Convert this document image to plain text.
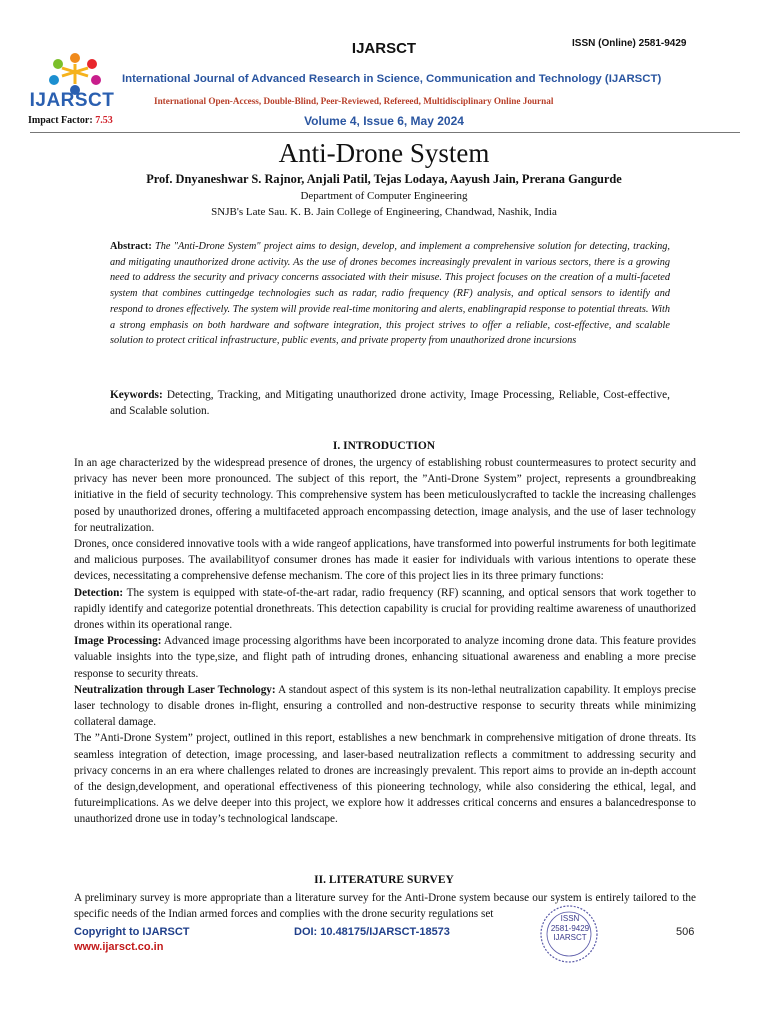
IJARSCT
Impact Factor: 7.53
IJARSCT	ISSN (Online) 2581-9429
International Journal of Advanced Research in Science, Communication and Technology (IJARSCT)
International Open-Access, Double-Blind, Peer-Reviewed, Refereed, Multidisciplinary Online Journal
Volume 4, Issue 6, May 2024
Anti-Drone System
Prof. Dnyaneshwar S. Rajnor, Anjali Patil, Tejas Lodaya, Aayush Jain, Prerana Gangurde
Department of Computer Engineering
SNJB's Late Sau. K. B. Jain College of Engineering, Chandwad, Nashik, India
Abstract: The "Anti-Drone System" project aims to design, develop, and implement a comprehensive solution for detecting, tracking, and mitigating unauthorized drone activity. As the use of drones becomes increasingly prevalent in various sectors, there is a growing need to address the security and privacy concerns associated with their misuse. This project focuses on the creation of a multi-faceted system that combines cuttingedge technologies such as radar, radio frequency (RF) analysis, and optical sensors to identify and respond to drones effectively. The system will provide real-time monitoring and alerts, enablingrapid response to potential threats. With a strong emphasis on both hardware and software integration, this project strives to offer a reliable, cost-effective, and scalable solution to protect critical infrastructure, public events, and private property from unauthorized drone incursions
Keywords: Detecting, Tracking, and Mitigating unauthorized drone activity, Image Processing, Reliable, Cost-effective, and Scalable solution.
I. INTRODUCTION

In an age characterized by the widespread presence of drones, the urgency of establishing robust countermeasures to protect security and privacy has never been more pronounced. The subject of this report, the ”Anti-Drone System” project, represents a groundbreaking initiative in the field of security technology. This comprehensive system has been meticulouslycrafted to tackle the increasing challenges posed by unauthorized drones, offering a multifaceted approach encompassing detection, image analysis, and the use of laser technology for neutralization.

Drones, once considered innovative tools with a wide rangeof applications, have transformed into powerful instruments for both legitimate and malicious purposes. The availabilityof consumer drones has made it easier for individuals with various intentions to operate these devices, necessitating a comprehensive defense mechanism. The core of this project lies in its three primary functions:

Detection: The system is equipped with state-of-the-art radar, radio frequency (RF) scanning, and optical sensors that work together to rapidly identify and categorize potential dronethreats. This detection capability is crucial for providing realtime awareness of unauthorized drones within its operational range.

Image Processing: Advanced image processing algorithms have been incorporated to analyze incoming drone data. This feature provides valuable insights into the type,size, and flight path of intruding drones, enhancing situational awareness and enabling a more precise response to security threats.

Neutralization through Laser Technology: A standout aspect of this system is its non-lethal neutralization capability. It employs precise laser technology to disable drones in-flight, ensuring a controlled and non-destructive response to security threats while minimizing collateral damage.

The ”Anti-Drone System” project, outlined in this report, establishes a new benchmark in comprehensive mitigation of drone threats. Its seamless integration of detection, image processing, and laser-based neutralization reflects a commitment to addressing security and privacy concerns in an era where challenges related to drones are increasingly prevalent. This report aims to provide an in-depth account of the design,development, and operational effectiveness of this pioneering technology, while also considering the ethical, legal, and futureimplications. As we delve deeper into this project, we explore how it addresses critical concerns and ensures a balancedresponse to unauthorized drone use in today’s technological landscape.

II. LITERATURE SURVEY

A preliminary survey is more appropriate than a literature survey for the Anti-Drone system because our system is entirely tailored to the specific needs of the Indian armed forces and complies with the drone security regulations set	ISSN
2581-9429
IJARSCT
Copyright to IJARSCT
www.ijarsct.co.in
DOI: 10.48175/IJARSCT-18573	506
